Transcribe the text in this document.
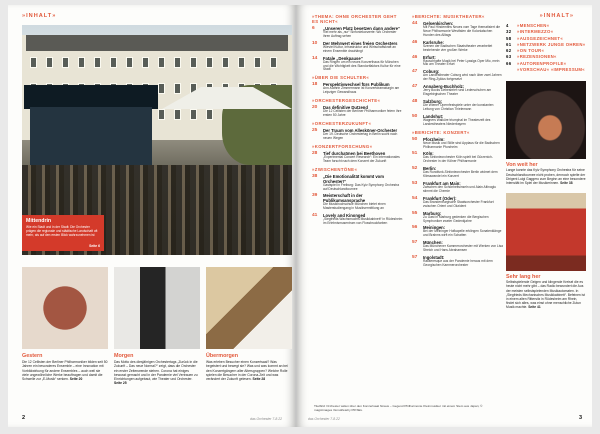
»INHALT»
Mittendrin
Wie ein Stadt und in der Stadt: Die Orchester prägen die regionale und städtische Landschaft oft mehr, als auf den ersten Blick wahrzunehmen ist
Seite 6
Gestern
Die 12 Cellisten der Berliner Philharmoniker bilden seit 50 Jahren ein besonderes Ensemble – eine Innovation mit Vorbildwirkung für andere Ensembles – auch weil sie viele ungewöhnliche Werke beauftragen und damit die Schwelle zur „E-Musik“ senken. Seite 20
Morgen
Das Motto des diesjährigen Orchestertags „Zurück in die Zukunft – Das neue Normal?“ zeigt, dass die Orchester ein erster Zeitenwende stehen. Corona hat einiges bewusst gemacht und in der Pandemie viel Vertrauen zu Einrichtungen aufgebaut, wie Theater und Orchester. Seite 25
Übermorgen
Was erleben Besucher einen Konzertsaal? Was begeistert und bewegt sie? Was und was kommt an bei den Konzertgängern aller Altersgruppen? Welche Rolle spielen die Besucher in der Corona-Zeit und was verändert der Zukunft gelesen. Seite 28
2	das Orchester 7-8.22
»INHALT»
»THEMA: OHNE ORCHESTER GEHT ES NICHT«
6	„Unseren Platz besetzen dann andere“
Viel mehr als „nur“ Sinfoniekonzerte: Wo Orchester ihren Auftrag sehen
10	Der Mehrwert eines freien Orchesters
Wieviel Kultur, Infrastruktur und Wirtschaftskraft an einem Ensemble drauhängt
14	Fatale „Denkpause“
Das Ringen um ein neues Konzerthaus für München und die Wichtigkeit des Standortfaktors Kultur für eine Stadt
»ÜBER DIE SCHULTER«
18	Perspektivwechsel fürs Publikum
Ann-Kathrin Zimmermann ist Konzertdramaturgin am Leipziger Gewandhaus
»ORCHESTERGESCHICHTE«
20	Das definitive Dutzend
Die 12 Cellisten der Berliner Philharmoniker feiern ihre ersten 50 Jahre
»ORCHESTERZUKUNFT«
25	Der Traum vom Allesköner-Orchester
Der 19. Deutsche Orchestertag in Berlin sucht nach neuen Wegen
»KONZERTFORSCHUNG«
28	Tief durchatmen bei Beethoven
„Experimental Concert Research“: Ein internationales Team forscht nach dem Konzert der Zukunft
»ZWISCHENTÖNE«
38	„Die Emotionalität kommt vom Orchester!“
Gastspiel in Freiburg: Das Kyiv Symphony Orchestra auf Deutschlandtournee
39	Meisterschaft in der Publikumsansprache
Die Musikhochschule München bietet einen Masterstudiengang in Musikvermittlung an
41	Lovely and Kinonged
„Siegfrieds Wachsmuchts Musikkabinett“ in Rüdesheim im Erlebnismusentrum von Flossbruckfarben
»BERICHTE: MUSIKTHEATER«
44	Gelsenkirchen:
Mit Paul Hindemiths Neues vom Tage thematisiert die Neue Philharmonie Westfalen die Kolonialschen Hunden des Alltags
46	Karlsruhe:
Szenen der Badischen Staatstheater verarbeitet bestehende vier großen Werke
46	Erfurt:
Rauschhafte Musik bei Peter Lyasigs Oper Mio, mein Mio am Theater Erfurt
47	Coburg:
Am Landestheater Coburg wird nach über zwei Jahren der Ring-Zyklus fortgesetzt
47	Annaberg-Buchholz:
Jerry Bocks Liebesbrief rund Lederschuhen am Eisgebirgischen Theater
48	Salzburg:
Die Wiener Opernfestspiele unter der konstanten Leitung von Christian Thielemann
50	Landshut:
Wagners Walküre triumphal im Theaterzelt des Landestheaters Niederbayern
»BERICHTE: KONZERT«
50	Pforzheim:
Neue Musik und Stille sind Applaus für die Badischen Philharmonie Pforzheim
51	Köln:
Das Sinfonieorchester Köln spielt bei Gürzenich-Orchester in der Kölner Philharmonie
52	Berlin:
Das Rundfunk-Sinfonieorchester Berlin widmet dem Klimawandel ein Konzert
53	Frankfurt am Main:
Zwischen den Schönheitsinseln und Alain Altinoglu stimmt die Chemie
54	Frankfurt (Oder):
Das Brandenburgische Staatsorchester Frankfurt zwischen Orient und Okzident
55	Marburg:
Zu Gast in Marburg gedenken die Bergischen Symphoniker zweier Gedenkjahre
56	Meiningen:
Bei der Meininger Hofkapelle erklingen Sonatenklänge und Brahms wirft ein Schatten
57	München:
Das Münchener Kammerorchester mit Werken von Lisa Streich und Hans Abrahamsen
57	Ingolstadt:
Rakiteresque aus der Pandemie heraus mit dem Georgischen Kammerorchester
4	»MENSCHEN«
32	»INTERMEZZO«
58	»AUSGEZEICHNET«
61	»NETZWERK JUNGE OHREN«
62	»ON TOUR«
63	»REZENSIONEN«
66	»AUTORENPROFILE« »VORSCHAU« »IMPRESSUM«
Von weit her
Lange konnte das Kyiv Symphony Orchestra für seine Deutschlandtournee nicht proben, dennoch spielte der Dirigent Luigi Gaggero zum Beginn an eine besondere Intensität im Spiel der Musikerinnen. Seite 38
Sehr lang her
Selbstspielende Geigen und klingende Kreisel die es heute nicht mehr gibt – das Radio bewundert die Aus der meisten selbstspielenden Musikautomaten. In „Siegfrieds Mechanisches Musikkabinett“. Befeinen ist in einem alten Rittersitz in Rüdesheim am Rhein, findet sich alles, was einst ohne menschliche Zutun Musik machte. Seite 41
Titelbild: Orchester widen über den Konzertsaal hinaus – Gegend Philharmonie Kleinmusiker mit einem Stem aus Japan; © magicimages /Ismutifetehy PIKSEL
das Orchester 7-8.22	3
